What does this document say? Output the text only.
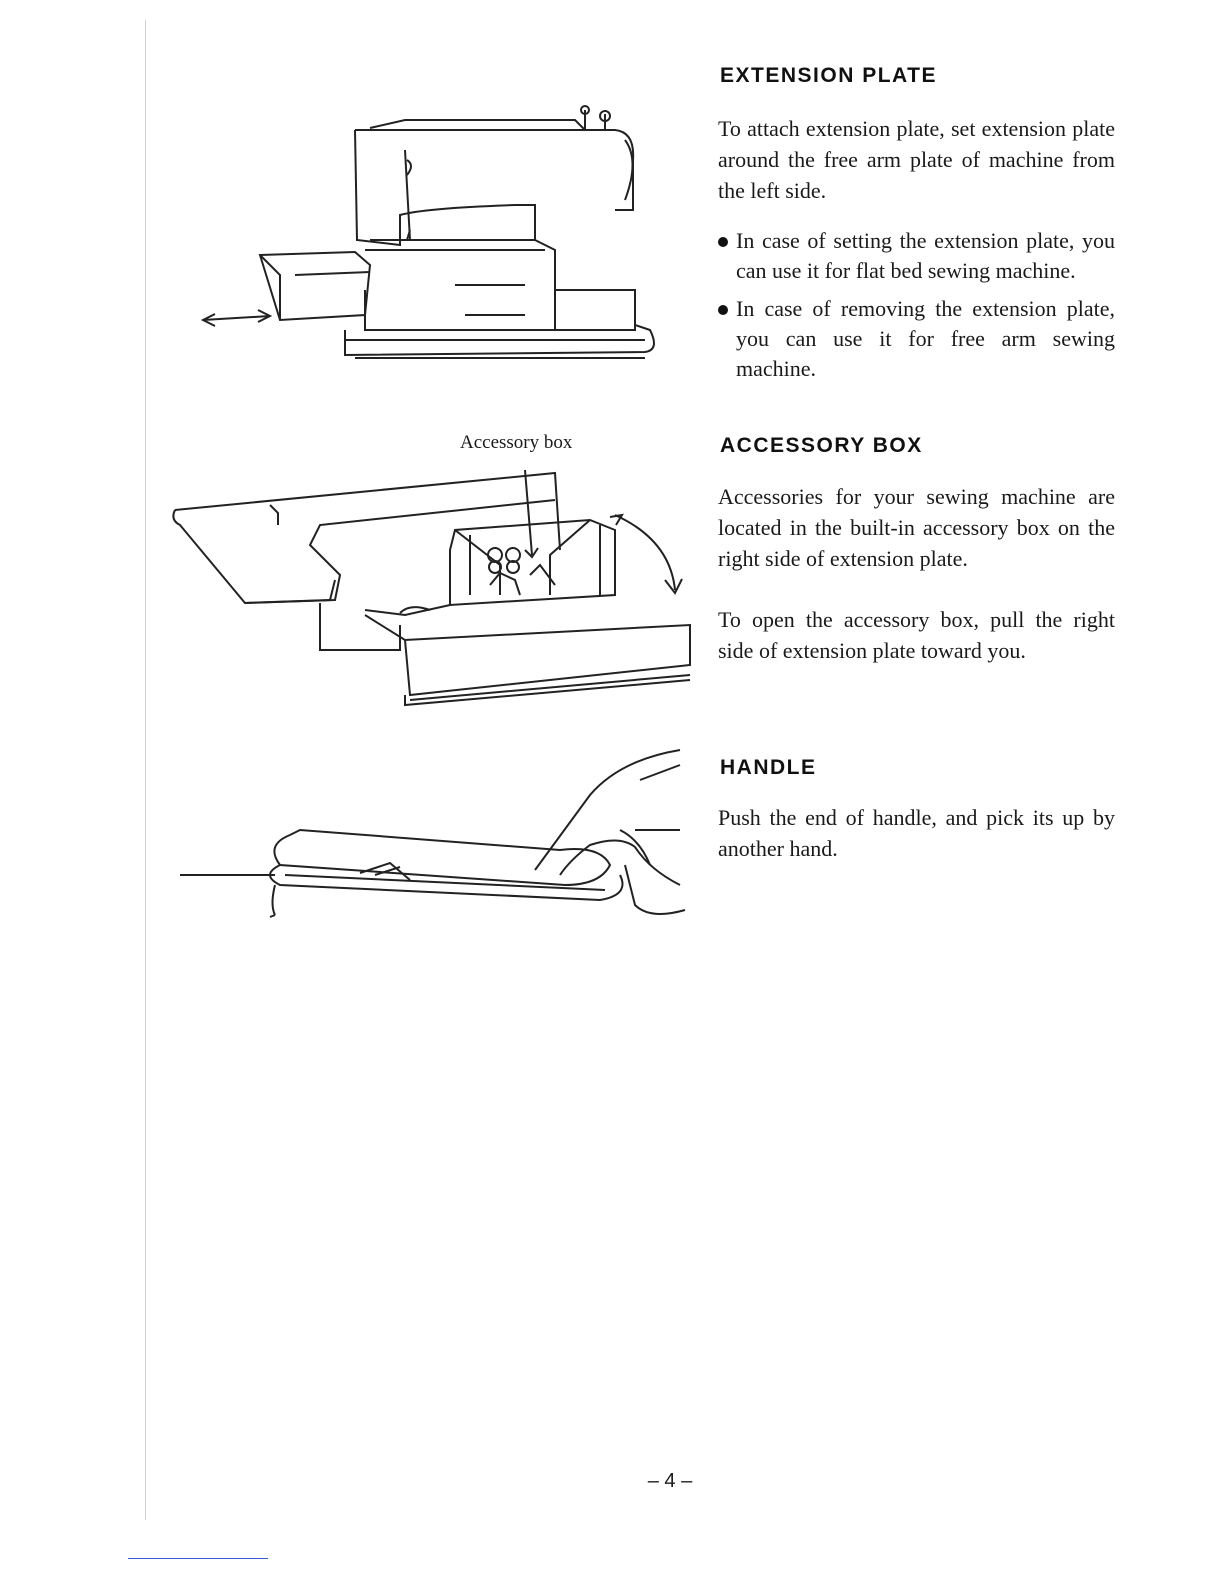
Accessory box
EXTENSION PLATE

To attach extension plate, set extension plate around the free arm plate of machine from the left side.

In case of setting the extension plate, you can use it for flat bed sewing machine.
In case of removing the extension plate, you can use it for free arm sewing machine.
ACCESSORY BOX

Accessories for your sewing machine are located in the built-in accessory box on the right side of extension plate.

To open the accessory box, pull the right side of extension plate toward you.

HANDLE

Push the end of handle, and pick its up by another hand.

– 4 –
